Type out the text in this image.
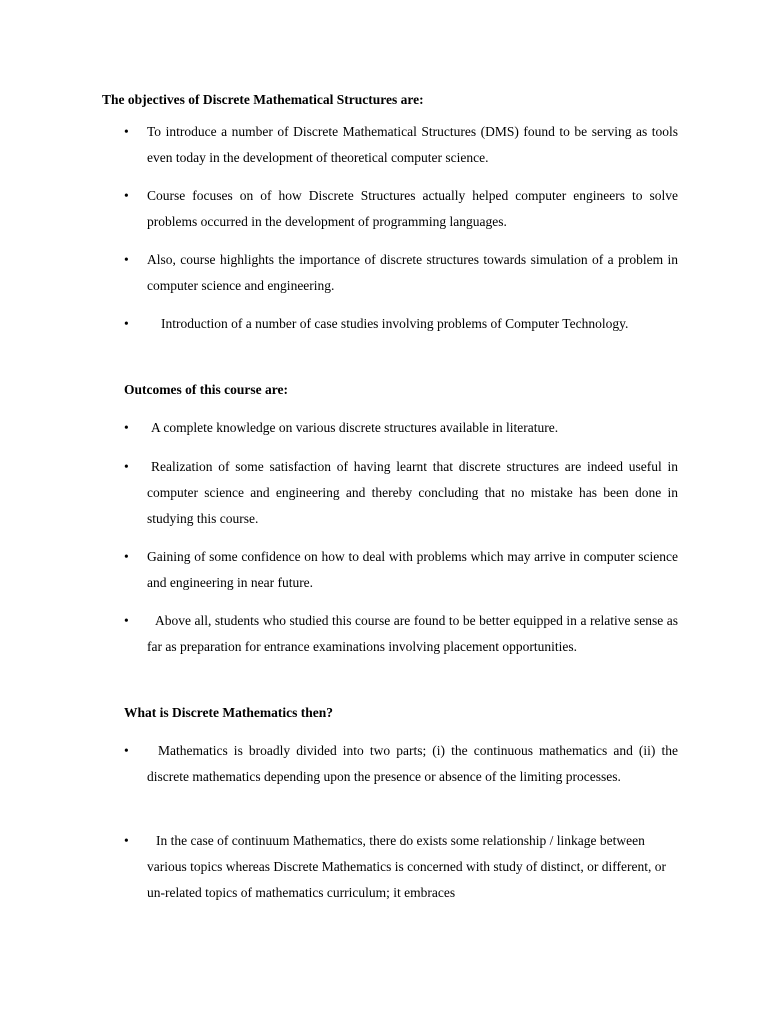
The objectives of Discrete Mathematical Structures are:
• To introduce a number of Discrete Mathematical Structures (DMS) found to be serving as tools even today in the development of theoretical computer science.
• Course focuses on of how Discrete Structures actually helped computer engineers to solve problems occurred in the development of programming languages.
• Also, course highlights the importance of discrete structures towards simulation of a problem in computer science and engineering.
•	Introduction of a number of case studies involving problems of Computer Technology.
Outcomes of this course are:
• A complete knowledge on various discrete structures available in literature.
• Realization of some satisfaction of having learnt that discrete structures are indeed useful in computer science and engineering and thereby concluding that no mistake has been done in studying this course.
• Gaining of some confidence on how to deal with problems which may arrive in computer science and engineering in near future.
•	Above all, students who studied this course are found to be better equipped in a relative sense as far as preparation for entrance examinations involving placement opportunities.
What is Discrete Mathematics then?
•	Mathematics is broadly divided into two parts; (i) the continuous mathematics and (ii) the discrete mathematics depending upon the presence or absence of the limiting processes.
•	In the case of continuum Mathematics, there do exists some relationship / linkage between various topics whereas Discrete Mathematics is concerned with study of distinct, or different, or un-related topics of mathematics curriculum; it embraces
